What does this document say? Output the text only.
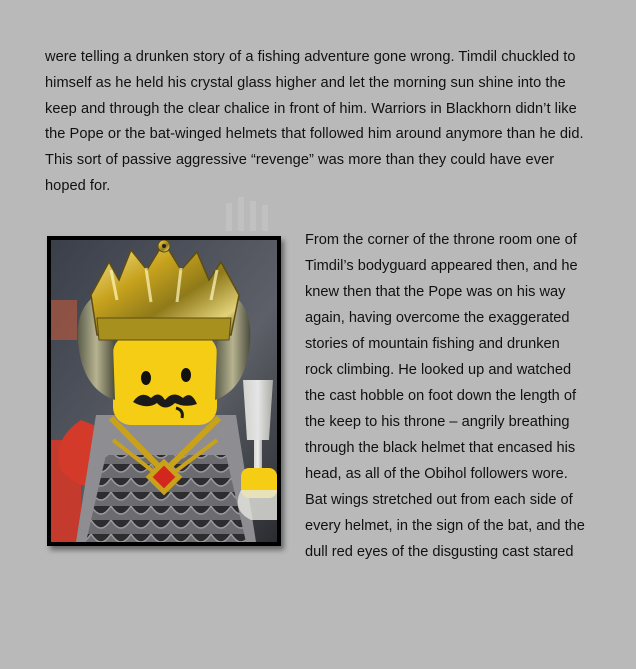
were telling a drunken story of a fishing adventure gone wrong. Timdil chuckled to
himself as he held his crystal glass higher and let the morning sun shine into the
keep and through the clear chalice in front of him. Warriors in Blackhorn didn’t like
the Pope or the bat-winged helmets that followed him around anymore than he did.
This sort of passive aggressive “revenge” was more than they could have ever
hoped for.
From the corner of the throne room one of
Timdil’s bodyguard appeared then, and he
knew then that the Pope was on his way
again, having overcome the exaggerated
stories of mountain fishing and drunken
rock climbing. He looked up and watched
the cast hobble on foot down the length of
the keep to his throne – angrily breathing
through the black helmet that encased his
head, as all of the Obihol followers wore.
Bat wings stretched out from each side of
every helmet, in the sign of the bat, and the
dull red eyes of the disgusting cast stared
